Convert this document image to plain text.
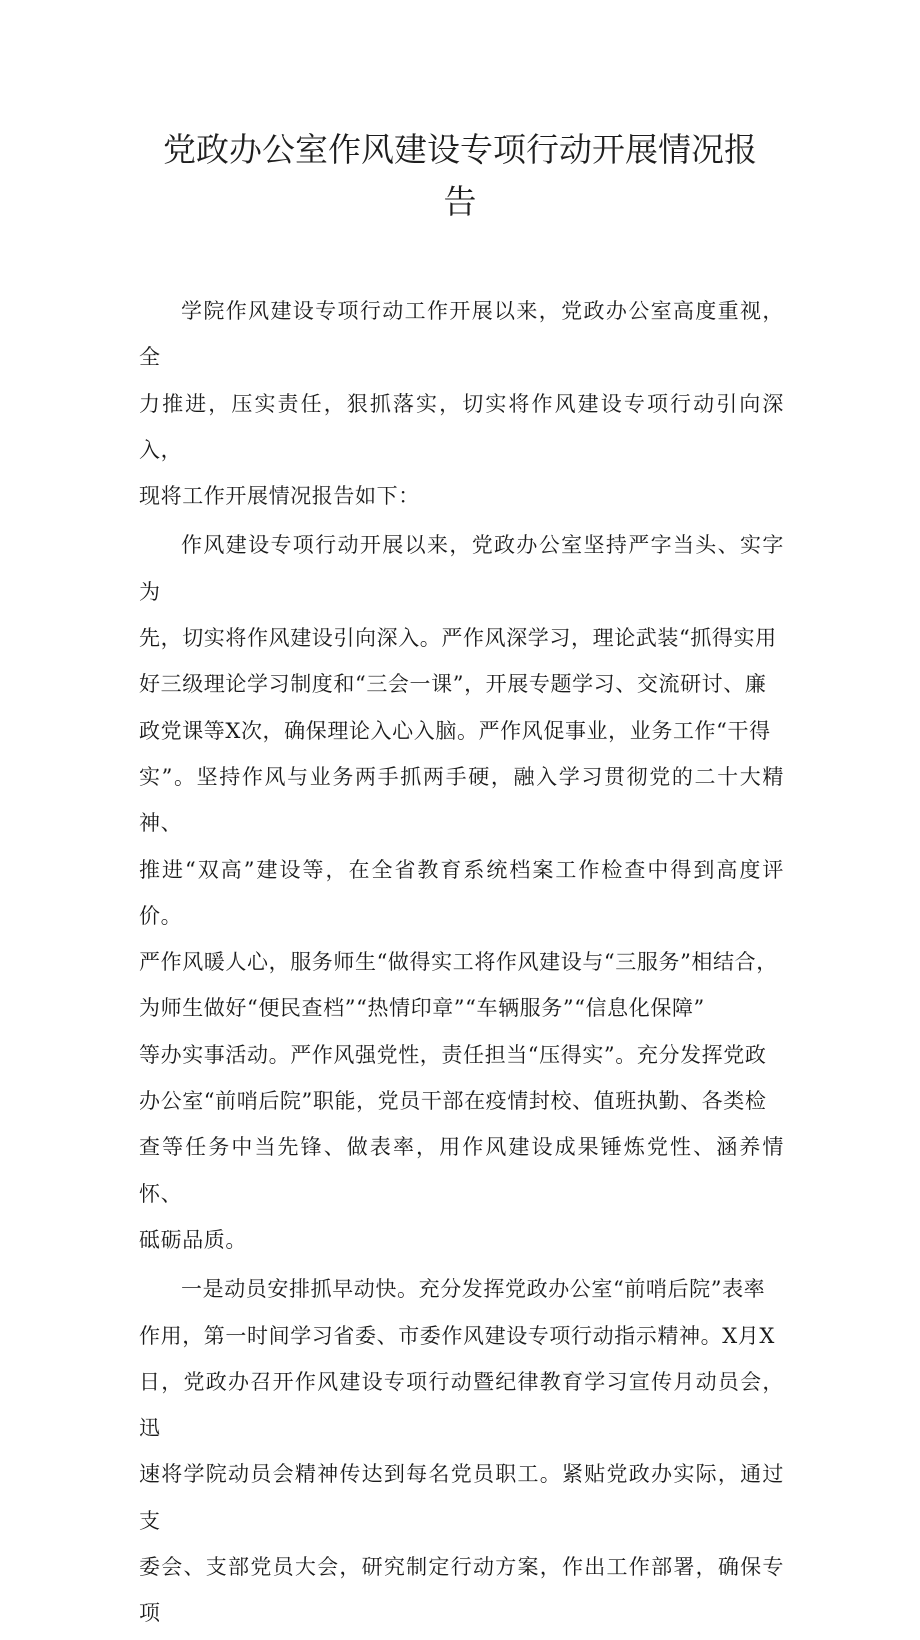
党政办公室作风建设专项行动开展情况报
告

学院作风建设专项行动工作开展以来，党政办公室高度重视，全
力推进，压实责任，狠抓落实，切实将作风建设专项行动引向深入，
现将工作开展情况报告如下：

作风建设专项行动开展以来，党政办公室坚持严字当头、实字为
先，切实将作风建设引向深入。严作风深学习，理论武装“抓得实用
好三级理论学习制度和“三会一课”，开展专题学习、交流研讨、廉
政党课等X次，确保理论入心入脑。严作风促事业，业务工作“干得
实”。坚持作风与业务两手抓两手硬，融入学习贯彻党的二十大精神、
推进“双高”建设等，在全省教育系统档案工作检查中得到高度评价。
严作风暖人心，服务师生“做得实工将作风建设与“三服务”相结合，
为师生做好“便民查档”“热情印章”“车辆服务”“信息化保障”
等办实事活动。严作风强党性，责任担当“压得实”。充分发挥党政
办公室“前哨后院”职能，党员干部在疫情封校、值班执勤、各类检
查等任务中当先锋、做表率，用作风建设成果锤炼党性、涵养情怀、
砥砺品质。

一是动员安排抓早动快。充分发挥党政办公室“前哨后院”表率
作用，第一时间学习省委、市委作风建设专项行动指示精神。X月X
日，党政办召开作风建设专项行动暨纪律教育学习宣传月动员会，迅
速将学院动员会精神传达到每名党员职工。紧贴党政办实际，通过支
委会、支部党员大会，研究制定行动方案，作出工作部署，确保专项
